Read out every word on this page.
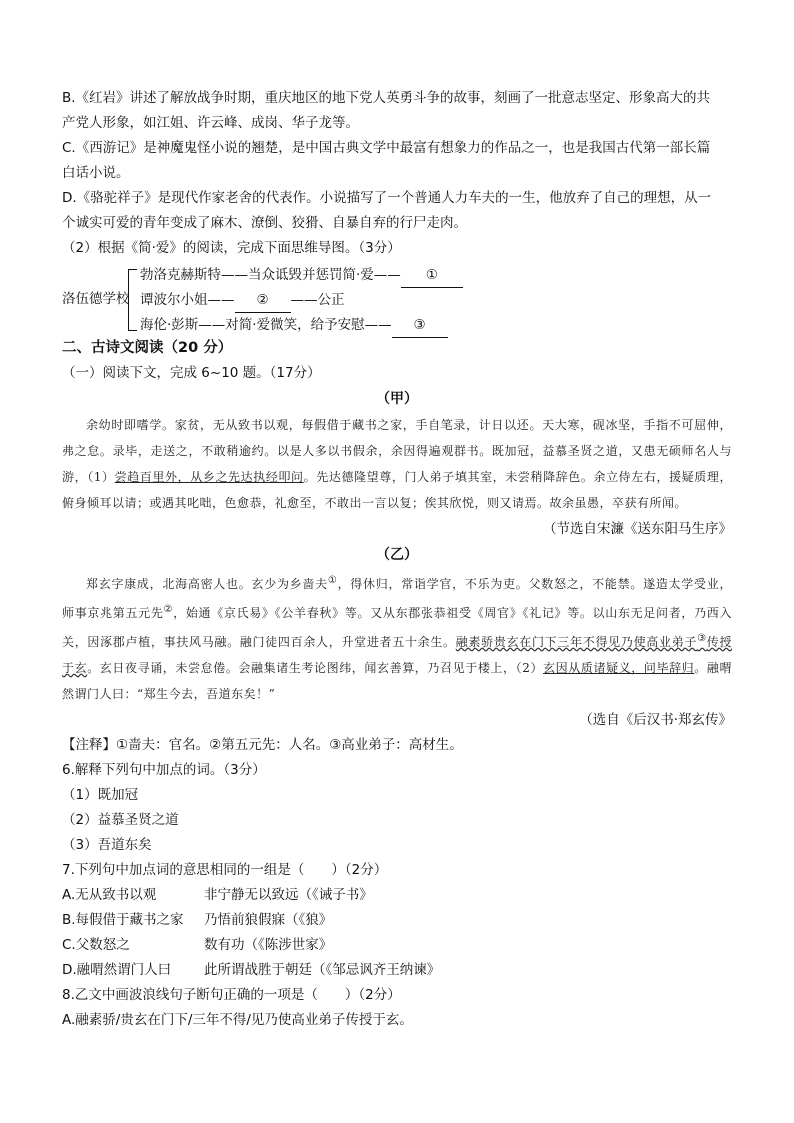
B.《红岩》讲述了解放战争时期，重庆地区的地下党人英勇斗争的故事，刻画了一批意志坚定、形象高大的共

产党人形象，如江姐、许云峰、成岗、华子龙等。

C.《西游记》是神魔鬼怪小说的翘楚，是中国古典文学中最富有想象力的作品之一，也是我国古代第一部长篇

白话小说。

D.《骆驼祥子》是现代作家老舍的代表作。小说描写了一个普通人力车夫的一生，他放弃了自己的理想，从一

个诚实可爱的青年变成了麻木、潦倒、狡猾、自暴自弃的行尸走肉。

（2）根据《简·爱》的阅读，完成下面思维导图。（3分）

洛伍德学校
勃洛克赫斯特——当众诋毁并惩罚简·爱—— ①
谭波尔小姐—— ② ——公正
海伦·彭斯——对简·爱微笑，给予安慰—— ③

二、古诗文阅读（20 分）

（一）阅读下文，完成 6~10 题。（17分）

（甲）

余幼时即嗜学。家贫，无从致书以观，每假借于藏书之家，手自笔录，计日以还。天大寒，砚冰坚，手指不可屈伸，弗之怠。录毕，走送之，不敢稍逾约。以是人多以书假余，余因得遍观群书。既加冠，益慕圣贤之道，又患无硕师名人与游，（1）尝趋百里外，从乡之先达执经叩问。先达德隆望尊，门人弟子填其室，未尝稍降辞色。余立侍左右，援疑质理，俯身倾耳以请；或遇其叱咄，色愈恭，礼愈至，不敢出一言以复；俟其欣悦，则又请焉。故余虽愚，卒获有所闻。

（节选自宋濂《送东阳马生序》

（乙）

郑玄字康成，北海高密人也。玄少为乡啬夫①，得休归，常诣学官，不乐为吏。父数怒之，不能禁。遂造太学受业，师事京兆第五元先②，始通《京氏易》《公羊春秋》等。又从东郡张恭祖受《周官》《礼记》等。以山东无足问者，乃西入关，因涿郡卢植，事扶风马融。融门徒四百余人，升堂进者五十余生。融素骄贵玄在门下三年不得见乃使高业弟子③传授于玄。玄日夜寻诵，未尝怠倦。会融集诸生考论图纬，闻玄善算，乃召见于楼上，（2）玄因从质诸疑义，问毕辞归。融喟然谓门人曰：“郑生今去，吾道东矣！”

（选自《后汉书·郑玄传》

【注释】①啬夫：官名。②第五元先：人名。③高业弟子：高材生。

6.解释下列句中加点的词。（3分）

（1）既加冠

（2）益慕圣贤之道

（3）吾道东矣

7.下列句中加点词的意思相同的一组是（　　）（2分）

A.无从致书以观	非宁静无以致远（《诫子书》

B.每假借于藏书之家 乃悟前狼假寐（《狼》

C.父数怒之	数有功（《陈涉世家》

D.融喟然谓门人曰 此所谓战胜于朝廷（《邹忌讽齐王纳谏》

8.乙文中画波浪线句子断句正确的一项是（　　）（2分）

A.融素骄/贵玄在门下/三年不得/见乃使高业弟子传授于玄。
